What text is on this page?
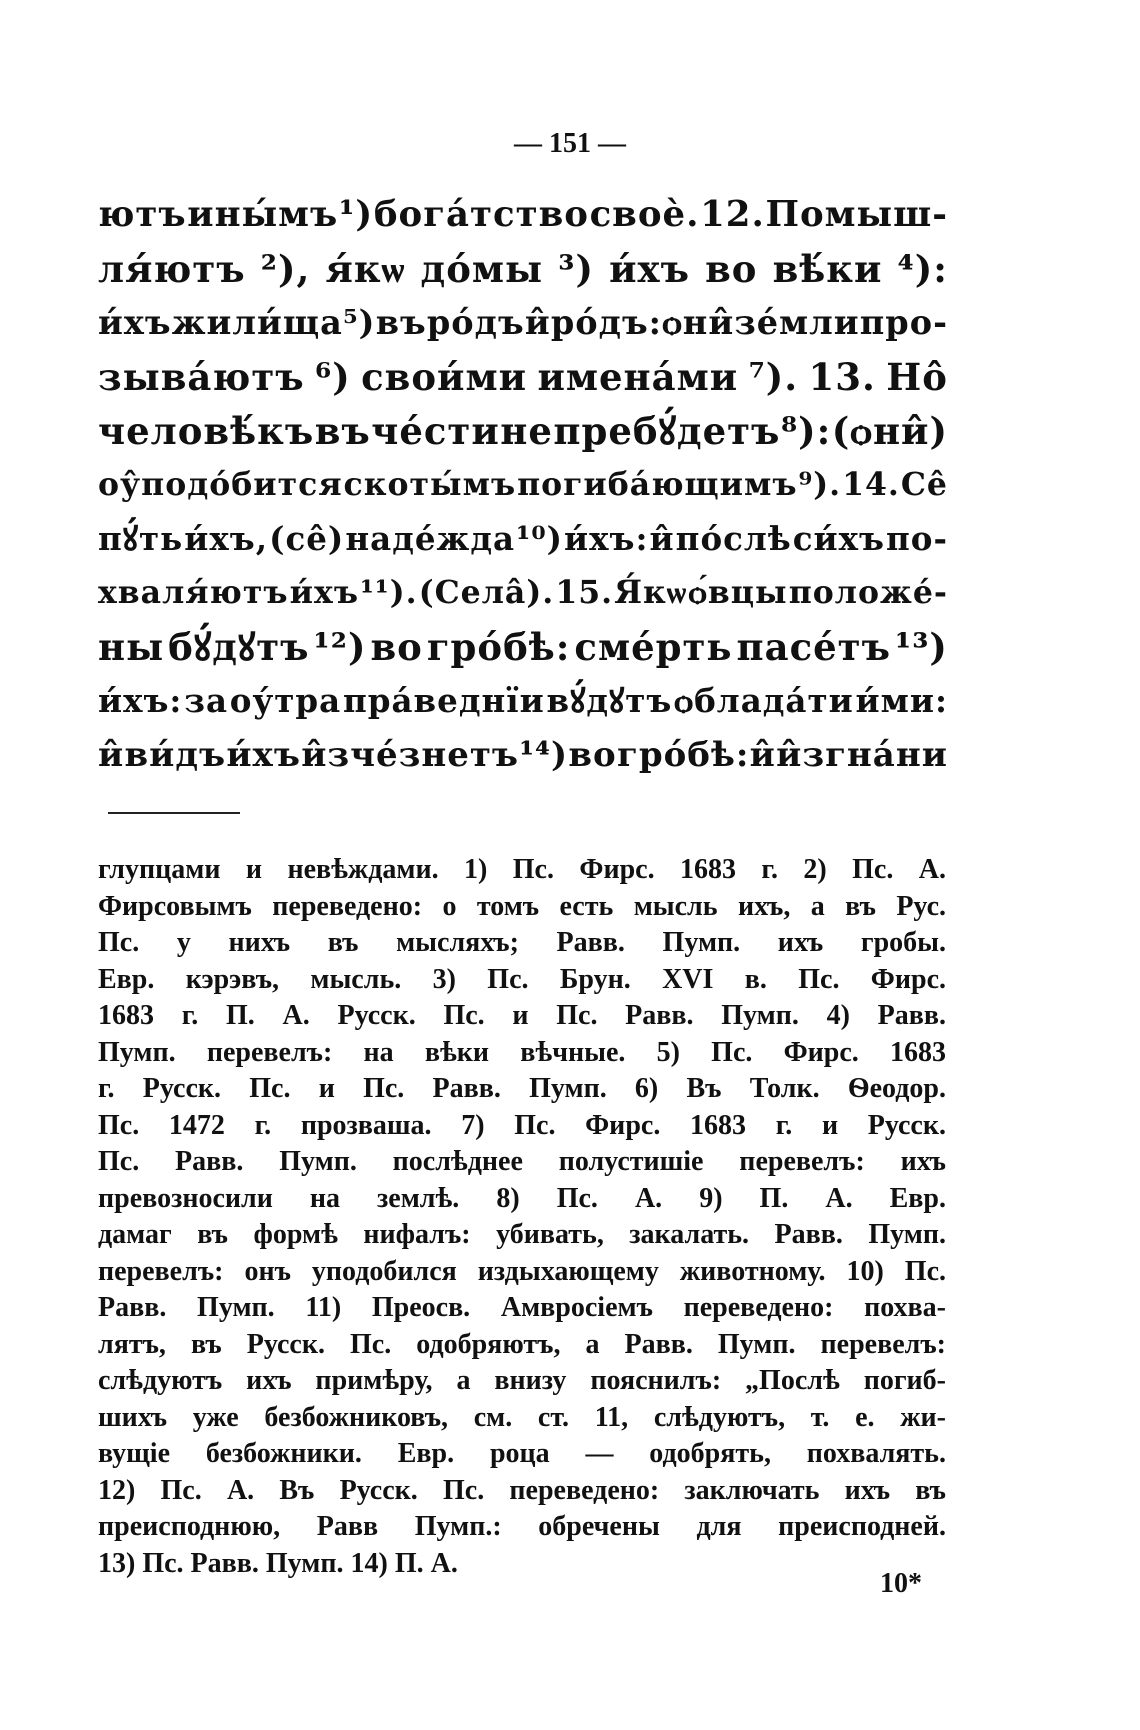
— 151 —
ютъ ины́мъ ¹) бога́тство своѐ. 12. Помыш-
ля́ютъ ²), я́кѡ до́мы ³) и́хъ во вѣ́ки ⁴):
и́хъ жили́ща ⁵) въ ро́дъ и̂ ро́дъ: ѻни̂ зе́мли про-
зыва́ютъ ⁶) свои́ми имена́ми ⁷). 13. Но̂
человѣ́къ въ че́сти не пребꙋ́детъ ⁸): (ѻни̂)
оу̂подо́бится скоты́мъ погиба́ющимъ ⁹). 14. Се̂
пꙋ́ть и́хъ, (се̂) наде́жда ¹⁰) и́хъ: и̂ по́слѣ си́хъ по-
хваля́ютъ и́хъ ¹¹). (Села̂). 15. Я́кѡ ѻ́вцы положе́-
ны бꙋ́дꙋтъ ¹²) во гро́бѣ: сме́рть пасе́тъ ¹³)
и́хъ: за оу́тра пра́веднїи вꙋ́дꙋтъ ѻблада́ти и́ми:
и̂ ви́дъ и́хъ и̂зче́знетъ ¹⁴) во гро́бѣ: и̂ и̂згна́ни
глупцами и невѣждами. 1) Пс. Фирс. 1683 г. 2) Пс. А.
Фирсовымъ переведено: о томъ есть мысль ихъ, а въ Рус.
Пс. у нихъ въ мысляхъ; Равв. Пумп. ихъ гробы.
Евр. кэрэвъ, мысль. 3) Пс. Брун. XVI в. Пс. Фирс.
1683 г. П. А. Русск. Пс. и Пс. Равв. Пумп. 4) Равв.
Пумп. перевелъ: на вѣки вѣчные. 5) Пс. Фирс. 1683
г. Русск. Пс. и Пс. Равв. Пумп. 6) Въ Толк. Ѳеодор.
Пс. 1472 г. прозваша. 7) Пс. Фирс. 1683 г. и Русск.
Пс. Равв. Пумп. послѣднее полустишіе перевелъ: ихъ
превозносили на землѣ. 8) Пс. А. 9) П. А. Евр.
дамаг въ формѣ нифалъ: убивать, закалать. Равв. Пумп.
перевелъ: онъ уподобился издыхающему животному. 10) Пс.
Равв. Пумп. 11) Преосв. Амвросіемъ переведено: похва-
лятъ, въ Русск. Пс. одобряютъ, а Равв. Пумп. перевелъ:
слѣдуютъ ихъ примѣру, а внизу пояснилъ: „Послѣ погиб-
шихъ уже безбожниковъ, см. ст. 11, слѣдуютъ, т. е. жи-
вущіе безбожники. Евр. роца — одобрять, похвалять.
12) Пс. А. Въ Русск. Пс. переведено: заключать ихъ въ
преисподнюю, Равв Пумп.: обречены для преисподней.
13) Пс. Равв. Пумп. 14) П. А.
10*
